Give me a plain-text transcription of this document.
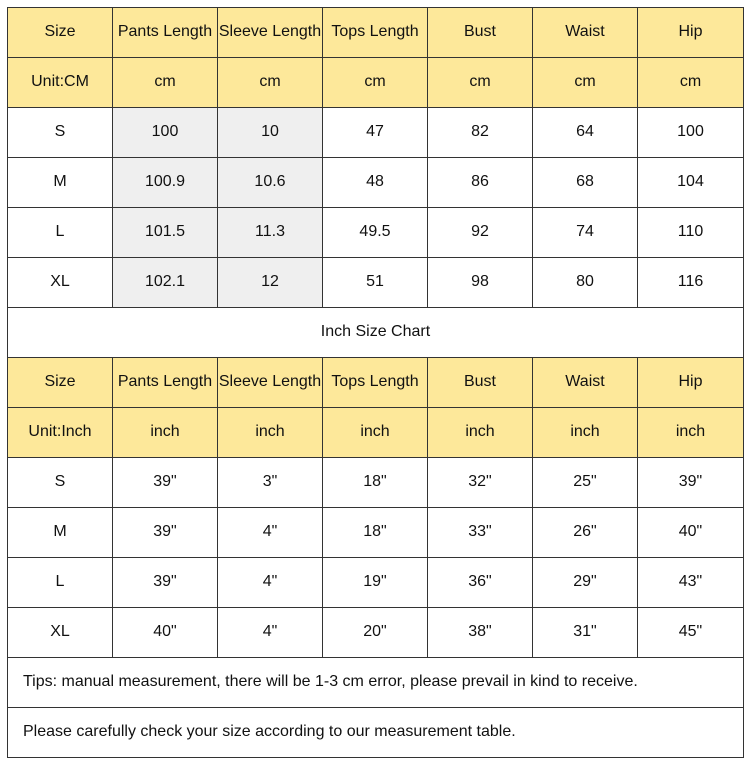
Size	Pants Length	Sleeve Length	Tops Length	Bust	Waist	Hip
Unit:CM	cm	cm	cm	cm	cm	cm
S	100	10	47	82	64	100
M	100.9	10.6	48	86	68	104
L	101.5	11.3	49.5	92	74	110
XL	102.1	12	51	98	80	116
Inch Size Chart						
Size	Pants Length	Sleeve Length	Tops Length	Bust	Waist	Hip
Unit:Inch	inch	inch	inch	inch	inch	inch
S	39"	3"	18"	32"	25"	39"
M	39"	4"	18"	33"	26"	40"
L	39"	4"	19"	36"	29"	43"
XL	40"	4"	20"	38"	31"	45"
Tips: manual measurement, there will be 1-3 cm error, please prevail in kind to receive.						
Please carefully check your size according to our measurement table.						
